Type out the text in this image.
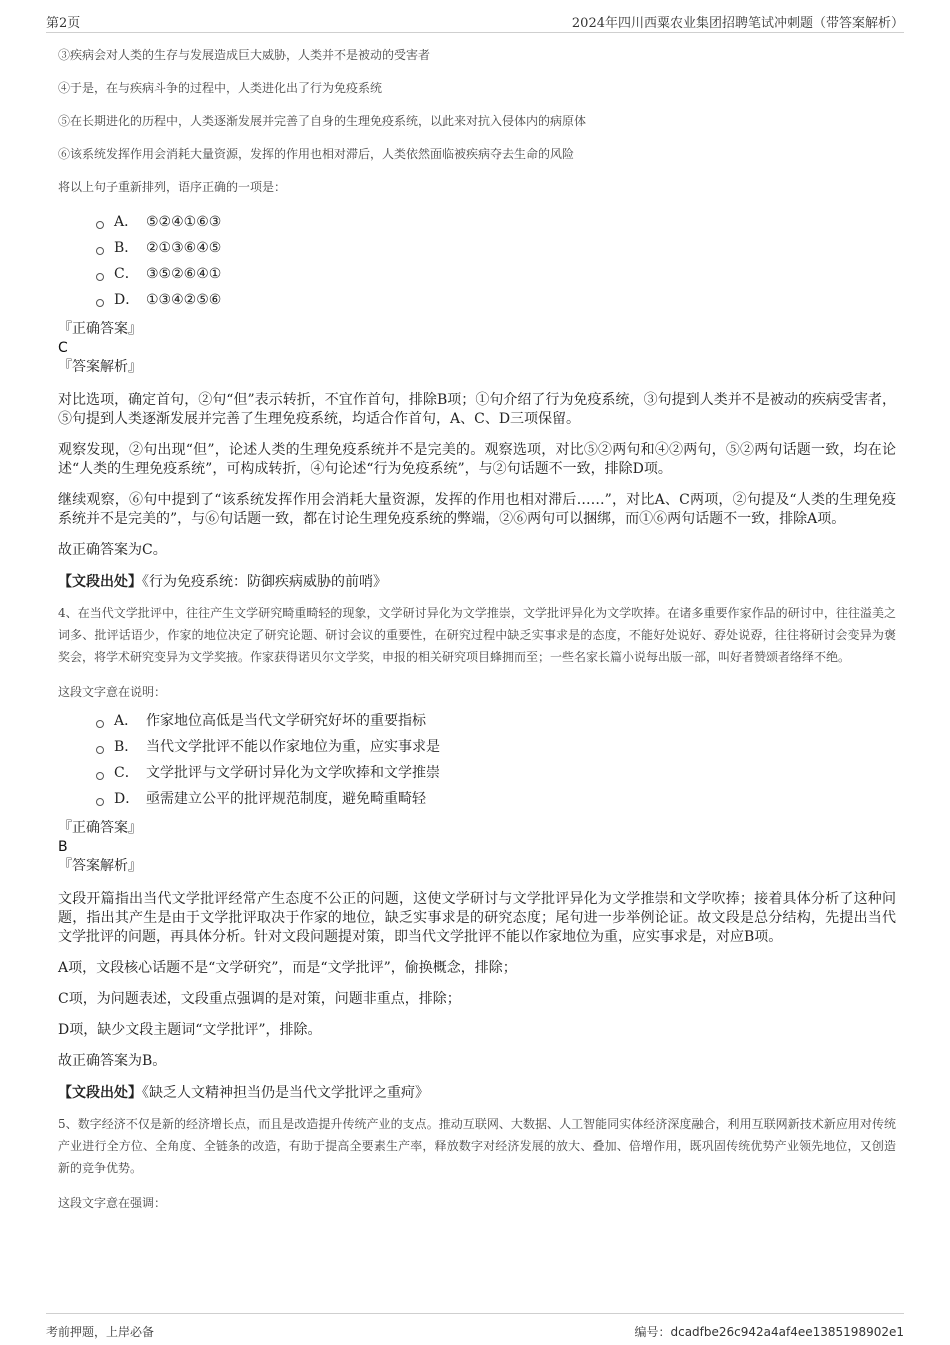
第2页	2024年四川西粟农业集团招聘笔试冲刺题（带答案解析）

③疾病会对人类的生存与发展造成巨大威胁，人类并不是被动的受害者

④于是，在与疾病斗争的过程中，人类进化出了行为免疫系统

⑤在长期进化的历程中，人类逐渐发展并完善了自身的生理免疫系统，以此来对抗入侵体内的病原体

⑥该系统发挥作用会消耗大量资源，发挥的作用也相对滞后，人类依然面临被疾病夺去生命的风险

将以上句子重新排列，语序正确的一项是：

A． ⑤②④①⑥③
B． ②①③⑥④⑤
C． ③⑤②⑥④①
D． ①③④②⑤⑥
『正确答案』
C
『答案解析』

对比选项，确定首句，②句“但”表示转折，不宜作首句，排除B项；①句介绍了行为免疫系统，③句提到人类并不是被动的疾病受害者，⑤句提到人类逐渐发展并完善了生理免疫系统，均适合作首句，A、C、D三项保留。

观察发现，②句出现“但”，论述人类的生理免疫系统并不是完美的。观察选项，对比⑤②两句和④②两句，⑤②两句话题一致，均在论述“人类的生理免疫系统”，可构成转折，④句论述“行为免疫系统”，与②句话题不一致，排除D项。

继续观察，⑥句中提到了“该系统发挥作用会消耗大量资源，发挥的作用也相对滞后……”，对比A、C两项，②句提及“人类的生理免疫系统并不是完美的”，与⑥句话题一致，都在讨论生理免疫系统的弊端，②⑥两句可以捆绑，而①⑥两句话题不一致，排除A项。

故正确答案为C。

【文段出处】《行为免疫系统：防御疾病威胁的前哨》

4、在当代文学批评中，往往产生文学研究畸重畸轻的现象，文学研讨异化为文学推崇，文学批评异化为文学吹捧。在诸多重要作家作品的研讨中，往往溢美之词多、批评话语少，作家的地位决定了研究论题、研讨会议的重要性，在研究过程中缺乏实事求是的态度，不能好处说好、孬处说孬，往往将研讨会变异为褒奖会，将学术研究变异为文学奖掖。作家获得诺贝尔文学奖，申报的相关研究项目蜂拥而至；一些名家长篇小说每出版一部，叫好者赞颂者络绎不绝。

这段文字意在说明：

A． 作家地位高低是当代文学研究好坏的重要指标
B． 当代文学批评不能以作家地位为重，应实事求是
C． 文学批评与文学研讨异化为文学吹捧和文学推崇
D． 亟需建立公平的批评规范制度，避免畸重畸轻
『正确答案』
B
『答案解析』

文段开篇指出当代文学批评经常产生态度不公正的问题，这使文学研讨与文学批评异化为文学推崇和文学吹捧；接着具体分析了这种问题，指出其产生是由于文学批评取决于作家的地位，缺乏实事求是的研究态度；尾句进一步举例论证。故文段是总分结构，先提出当代文学批评的问题，再具体分析。针对文段问题提对策，即当代文学批评不能以作家地位为重，应实事求是，对应B项。

A项，文段核心话题不是“文学研究”，而是“文学批评”，偷换概念，排除；

C项，为问题表述，文段重点强调的是对策，问题非重点，排除；

D项，缺少文段主题词“文学批评”，排除。

故正确答案为B。

【文段出处】《缺乏人文精神担当仍是当代文学批评之重疴》

5、数字经济不仅是新的经济增长点，而且是改造提升传统产业的支点。推动互联网、大数据、人工智能同实体经济深度融合，利用互联网新技术新应用对传统产业进行全方位、全角度、全链条的改造，有助于提高全要素生产率，释放数字对经济发展的放大、叠加、倍增作用，既巩固传统优势产业领先地位，又创造新的竞争优势。

这段文字意在强调：

考前押题，上岸必备	编号：dcadfbe26c942a4af4ee1385198902e1
